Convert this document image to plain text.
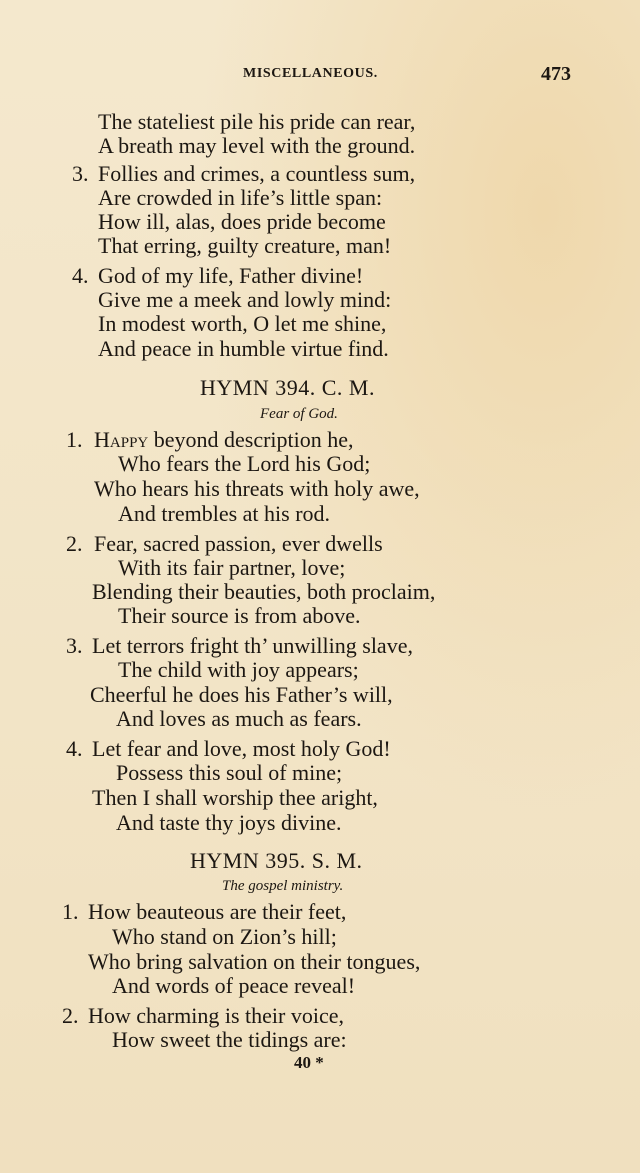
MISCELLANEOUS.	473
The stateliest pile his pride can rear,
A breath may level with the ground.
3. Follies and crimes, a countless sum,
Are crowded in life’s little span:
How ill, alas, does pride become
That erring, guilty creature, man!
4. God of my life, Father divine!
Give me a meek and lowly mind:
In modest worth, O let me shine,
And peace in humble virtue find.
HYMN 394. C. M.
Fear of God.
1. Happy beyond description he,
Who fears the Lord his God;
Who hears his threats with holy awe,
And trembles at his rod.
2. Fear, sacred passion, ever dwells
With its fair partner, love;
Blending their beauties, both proclaim,
Their source is from above.
3. Let terrors fright th’ unwilling slave,
The child with joy appears;
Cheerful he does his Father’s will,
And loves as much as fears.
4. Let fear and love, most holy God!
Possess this soul of mine;
Then I shall worship thee aright,
And taste thy joys divine.
HYMN 395. S. M.
The gospel ministry.
1. How beauteous are their feet,
Who stand on Zion’s hill;
Who bring salvation on their tongues,
And words of peace reveal!
2. How charming is their voice,
How sweet the tidings are:
40 *
